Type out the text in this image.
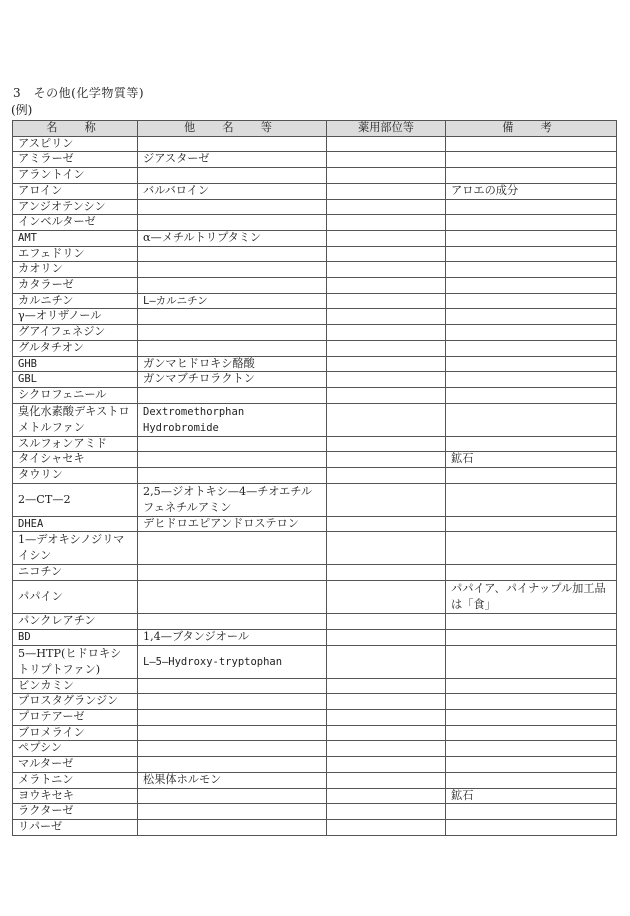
3　その他(化学物質等)
(例)
名　称	他　名　等	薬用部位等	備　考
アスピリン			
アミラーゼ	ジアスターゼ		
アラントイン			
アロイン	バルバロイン		アロエの成分
アンジオテンシン			
インベルターゼ			
AMT	α—メチルトリプタミン		
エフェドリン			
カオリン			
カタラーゼ			
カルニチン	L—カルニチン		
γ—オリザノール			
グアイフェネジン			
グルタチオン			
GHB	ガンマヒドロキシ酪酸		
GBL	ガンマブチロラクトン		
シクロフェニール			
臭化水素酸デキストロメトルファン	Dextromethorphan Hydrobromide		
スルフォンアミド			
タイシャセキ			鉱石
タウリン			
2—CT—2	2,5—ジオトキシ—4—チオエチルフェネチルアミン		
DHEA	デヒドロエピアンドロステロン		
1—デオキシノジリマイシン			
ニコチン			
パパイン			パパイア、パイナップル加工品は「食」
パンクレアチン			
BD	1,4—ブタンジオール		
5—HTP(ヒドロキシトリプトファン)	L—5—Hydroxy-tryptophan		
ビンカミン			
プロスタグランジン			
プロテアーゼ			
ブロメライン			
ペプシン			
マルターゼ			
メラトニン	松果体ホルモン		
ヨウキセキ			鉱石
ラクターゼ			
リパーゼ			
